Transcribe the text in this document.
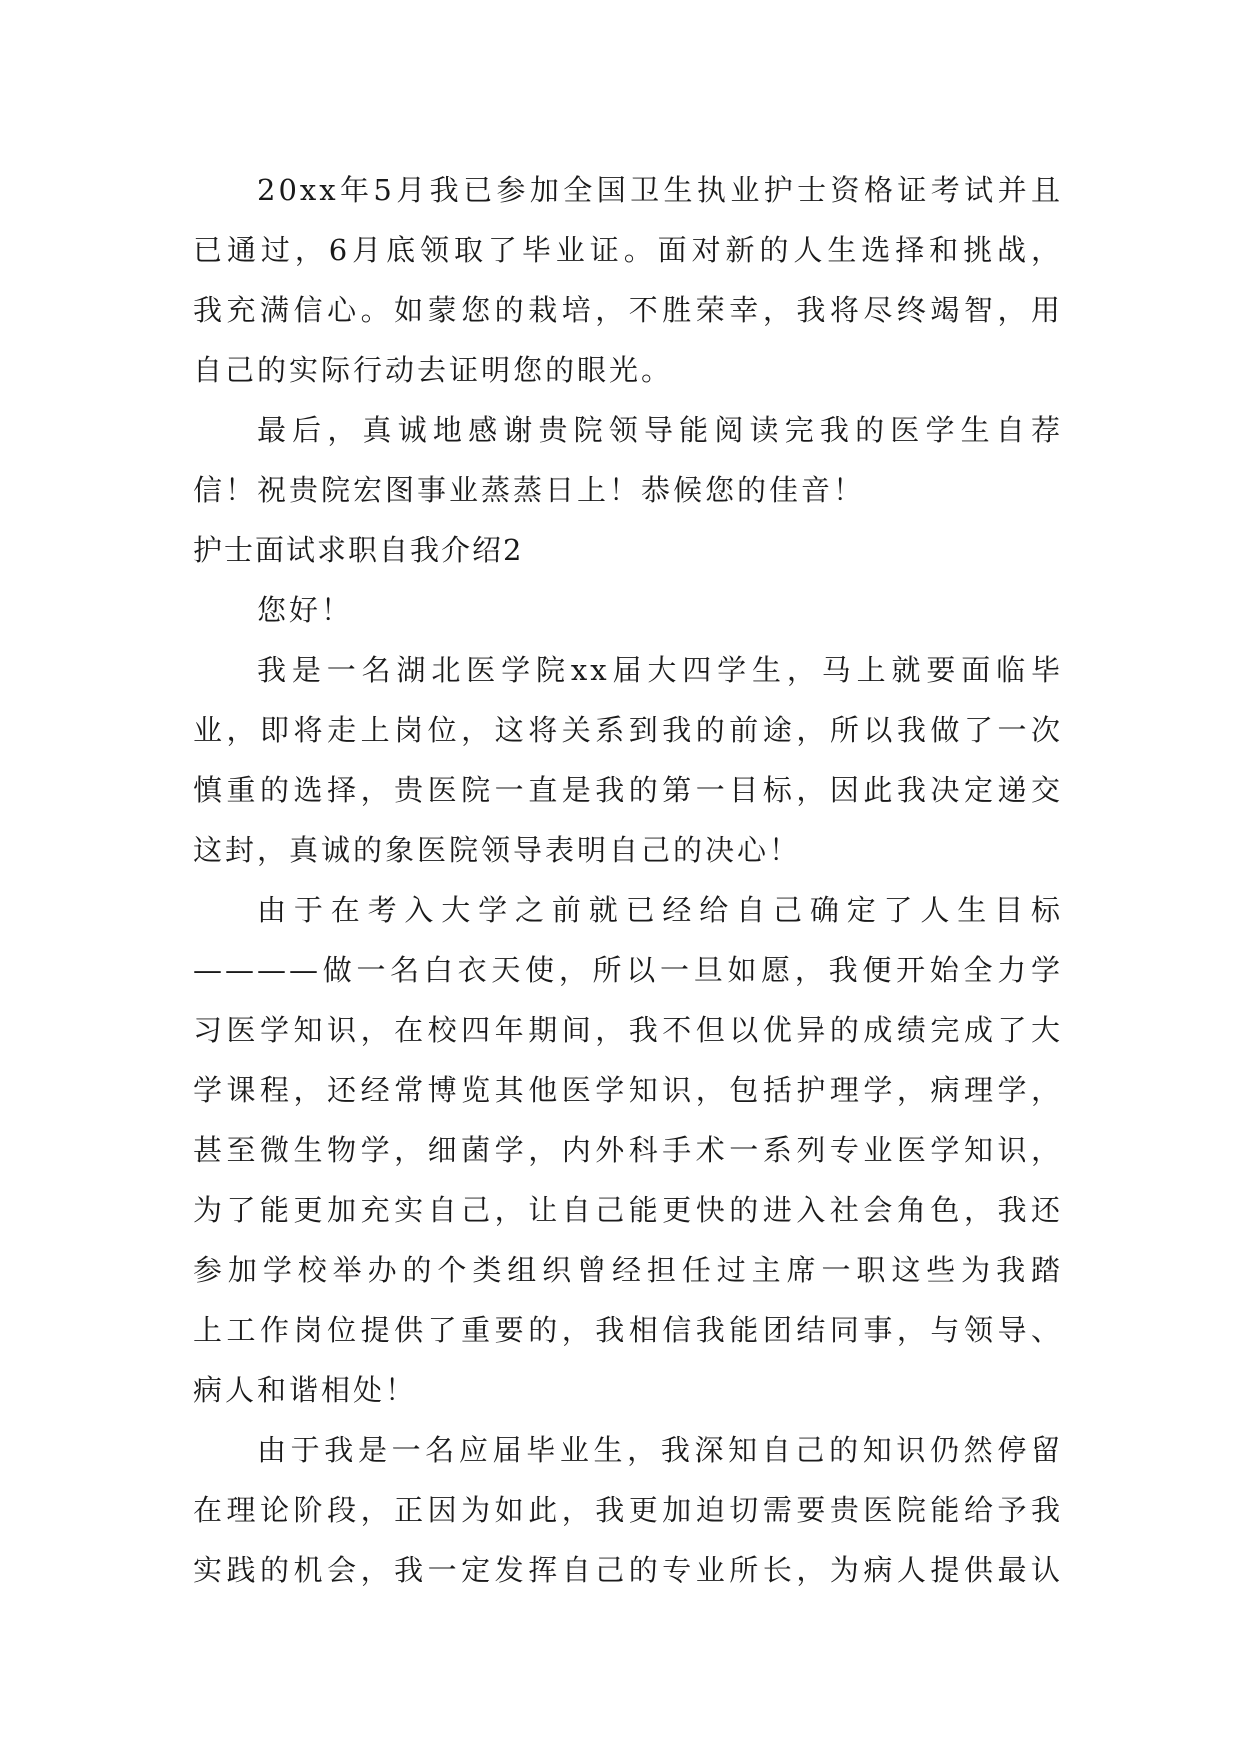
20xx年5月我已参加全国卫生执业护士资格证考试并且
已通过，6月底领取了毕业证。面对新的人生选择和挑战，
我充满信心。如蒙您的栽培，不胜荣幸，我将尽终竭智，用
自己的实际行动去证明您的眼光。
最后，真诚地感谢贵院领导能阅读完我的医学生自荐
信！祝贵院宏图事业蒸蒸日上！恭候您的佳音！
护士面试求职自我介绍2
您好！
我是一名湖北医学院xx届大四学生，马上就要面临毕
业，即将走上岗位，这将关系到我的前途，所以我做了一次
慎重的选择，贵医院一直是我的第一目标，因此我决定递交
这封，真诚的象医院领导表明自己的决心！
由于在考入大学之前就已经给自己确定了人生目标
————做一名白衣天使，所以一旦如愿，我便开始全力学
习医学知识，在校四年期间，我不但以优异的成绩完成了大
学课程，还经常博览其他医学知识，包括护理学，病理学，
甚至微生物学，细菌学，内外科手术一系列专业医学知识，
为了能更加充实自己，让自己能更快的进入社会角色，我还
参加学校举办的个类组织曾经担任过主席一职这些为我踏
上工作岗位提供了重要的，我相信我能团结同事，与领导、
病人和谐相处！
由于我是一名应届毕业生，我深知自己的知识仍然停留
在理论阶段，正因为如此，我更加迫切需要贵医院能给予我
实践的机会，我一定发挥自己的专业所长，为病人提供最认
